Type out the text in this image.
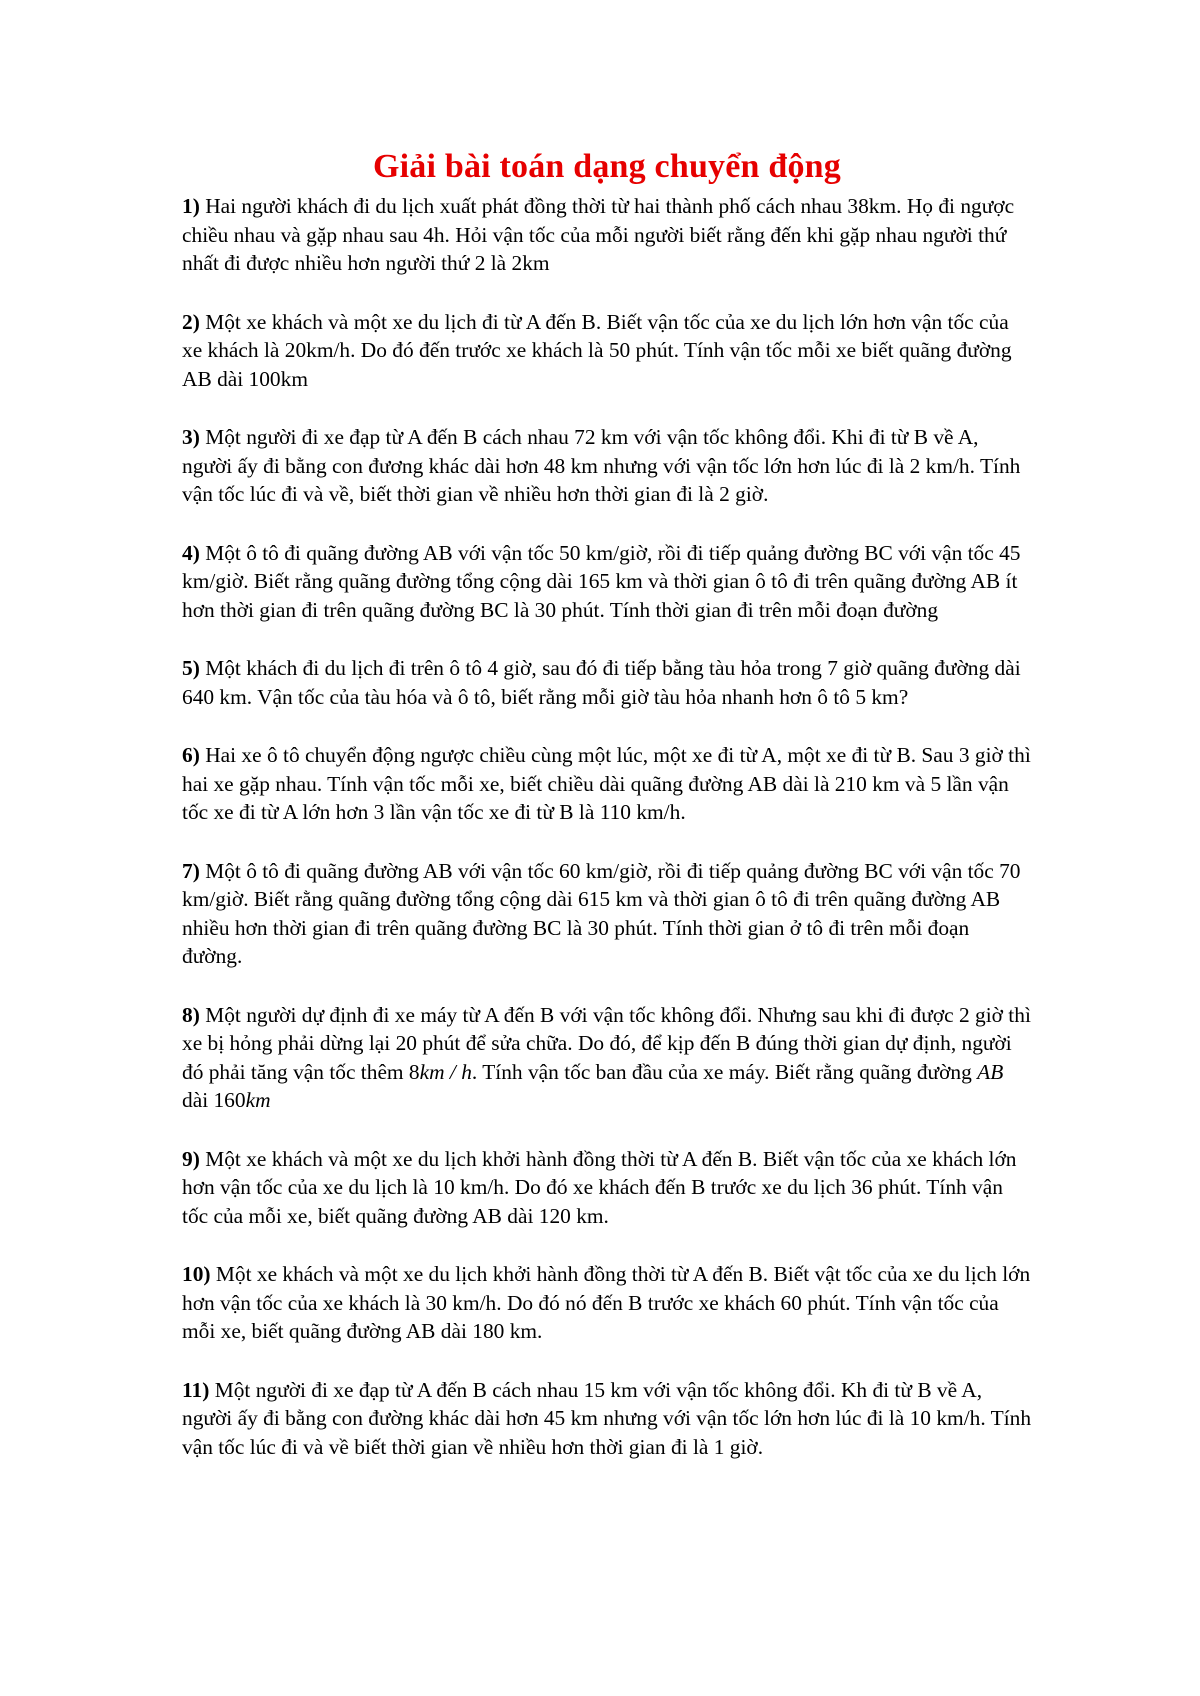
Giải bài toán dạng chuyển động

1) Hai người khách đi du lịch xuất phát đồng thời từ hai thành phố cách nhau 38km. Họ đi ngược chiều nhau và gặp nhau sau 4h. Hỏi vận tốc của mỗi người biết rằng đến khi gặp nhau người thứ nhất đi được nhiều hơn người thứ 2 là 2km

2) Một xe khách và một xe du lịch đi từ A đến B. Biết vận tốc của xe du lịch lớn hơn vận tốc của xe khách là 20km/h. Do đó đến trước xe khách là 50 phút. Tính vận tốc mỗi xe biết quãng đường AB dài 100km

3) Một người đi xe đạp từ A đến B cách nhau 72 km với vận tốc không đổi. Khi đi từ B về A, người ấy đi bằng con đương khác dài hơn 48 km nhưng với vận tốc lớn hơn lúc đi là 2 km/h. Tính vận tốc lúc đi và về, biết thời gian về nhiều hơn thời gian đi là 2 giờ.

4) Một ô tô đi quãng đường AB với vận tốc 50 km/giờ, rồi đi tiếp quảng đường BC với vận tốc 45 km/giờ. Biết rằng quãng đường tổng cộng dài 165 km và thời gian ô tô đi trên quãng đường AB ít hơn thời gian đi trên quãng đường BC là 30 phút. Tính thời gian đi trên mỗi đoạn đường

5) Một khách đi du lịch đi trên ô tô 4 giờ, sau đó đi tiếp bằng tàu hỏa trong 7 giờ quãng đường dài 640 km. Vận tốc của tàu hóa và ô tô, biết rằng mỗi giờ tàu hỏa nhanh hơn ô tô 5 km?

6) Hai xe ô tô chuyển động ngược chiều cùng một lúc, một xe đi từ A, một xe đi từ B. Sau 3 giờ thì hai xe gặp nhau. Tính vận tốc mỗi xe, biết chiều dài quãng đường AB dài là 210 km và 5 lần vận tốc xe đi từ A lớn hơn 3 lần vận tốc xe đi từ B là 110 km/h.

7) Một ô tô đi quãng đường AB với vận tốc 60 km/giờ, rồi đi tiếp quảng đường BC với vận tốc 70 km/giờ. Biết rằng quãng đường tổng cộng dài 615 km và thời gian ô tô đi trên quãng đường AB nhiều hơn thời gian đi trên quãng đường BC là 30 phút. Tính thời gian ở tô đi trên mỗi đoạn đường.

8) Một người dự định đi xe máy từ A đến B với vận tốc không đổi. Nhưng sau khi đi được 2 giờ thì xe bị hỏng phải dừng lại 20 phút để sửa chữa. Do đó, để kịp đến B đúng thời gian dự định, người đó phải tăng vận tốc thêm 8km / h. Tính vận tốc ban đầu của xe máy. Biết rằng quãng đường AB dài 160km

9) Một xe khách và một xe du lịch khởi hành đồng thời từ A đến B. Biết vận tốc của xe khách lớn hơn vận tốc của xe du lịch là 10 km/h. Do đó xe khách đến B trước xe du lịch 36 phút. Tính vận tốc của mỗi xe, biết quãng đường AB dài 120 km.

10) Một xe khách và một xe du lịch khởi hành đồng thời từ A đến B. Biết vật tốc của xe du lịch lớn hơn vận tốc của xe khách là 30 km/h. Do đó nó đến B trước xe khách 60 phút. Tính vận tốc của mỗi xe, biết quãng đường AB dài 180 km.

11) Một người đi xe đạp từ A đến B cách nhau 15 km với vận tốc không đổi. Kh đi từ B về A, người ấy đi bằng con đường khác dài hơn 45 km nhưng với vận tốc lớn hơn lúc đi là 10 km/h. Tính vận tốc lúc đi và về biết thời gian về nhiều hơn thời gian đi là 1 giờ.
